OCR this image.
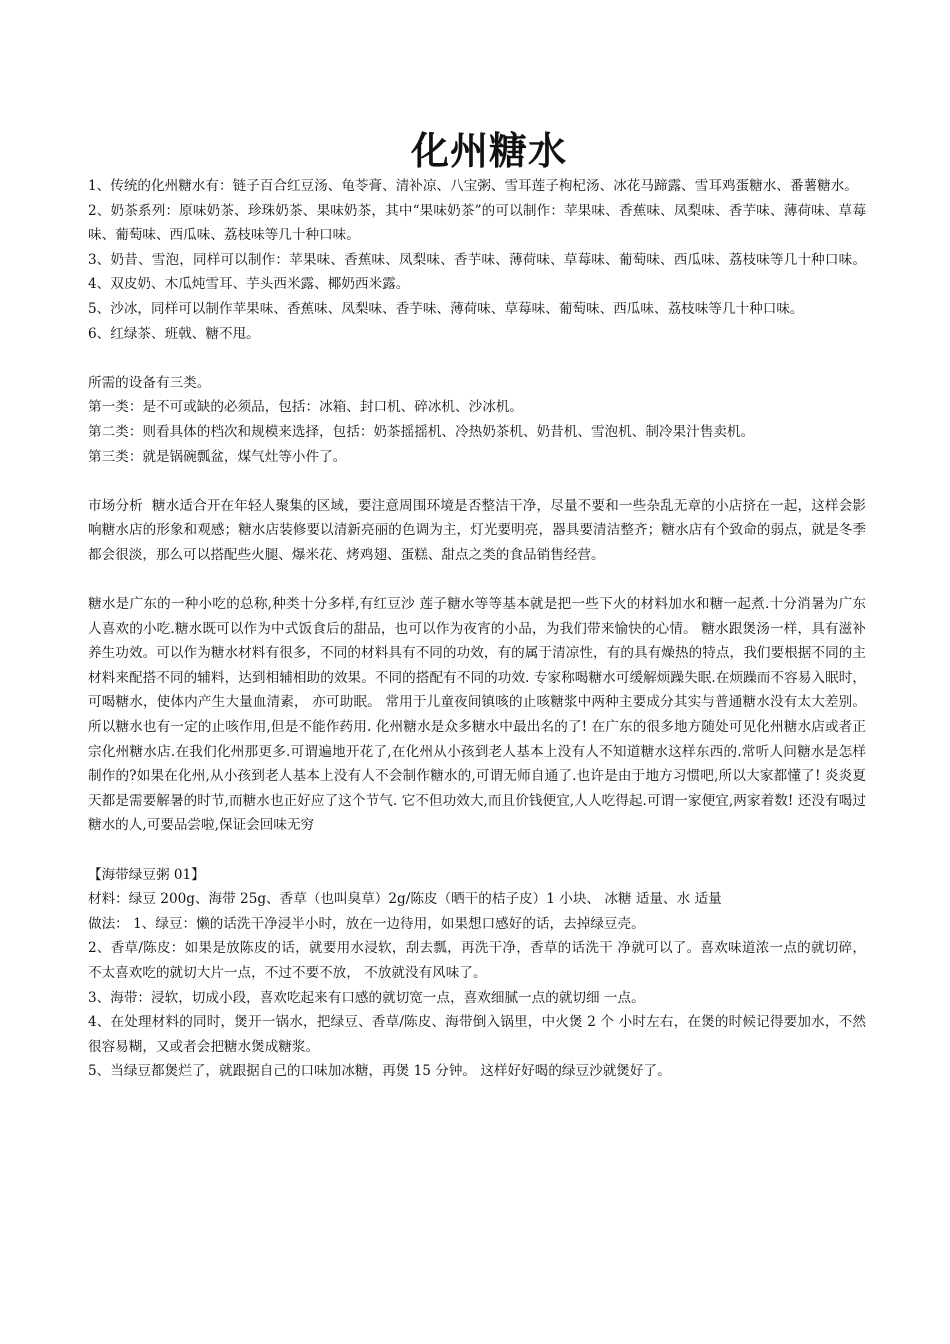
化州糖水

1、传统的化州糖水有：链子百合红豆汤、龟苓膏、清补凉、八宝粥、雪耳莲子枸杞汤、冰花马蹄露、雪耳鸡蛋糖水、番薯糖水。

2、奶茶系列：原味奶茶、珍珠奶茶、果味奶茶，其中“果味奶茶”的可以制作：苹果味、香蕉味、凤梨味、香芋味、薄荷味、草莓味、葡萄味、西瓜味、荔枝味等几十种口味。

3、奶昔、雪泡，同样可以制作：苹果味、香蕉味、凤梨味、香芋味、薄荷味、草莓味、葡萄味、西瓜味、荔枝味等几十种口味。  4、双皮奶、木瓜炖雪耳、芋头西米露、椰奶西米露。

5、沙冰，同样可以制作苹果味、香蕉味、凤梨味、香芋味、薄荷味、草莓味、葡萄味、西瓜味、荔枝味等几十种口味。

6、红绿茶、班戟、糖不甩。

所需的设备有三类。

第一类：是不可或缺的必须品，包括：冰箱、封口机、碎冰机、沙冰机。

第二类：则看具体的档次和规模来选择，包括：奶茶摇摇机、冷热奶茶机、奶昔机、雪泡机、制冷果汁售卖机。

第三类：就是锅碗瓢盆，煤气灶等小件了。

市场分析  糖水适合开在年轻人聚集的区域，要注意周围环境是否整洁干净，尽量不要和一些杂乱无章的小店挤在一起，这样会影响糖水店的形象和观感；糖水店装修要以清新亮丽的色调为主，灯光要明亮，器具要清洁整齐；糖水店有个致命的弱点，就是冬季都会很淡，那么可以搭配些火腿、爆米花、烤鸡翅、蛋糕、甜点之类的食品销售经营。

糖水是广东的一种小吃的总称,种类十分多样,有红豆沙 莲子糖水等等基本就是把一些下火的材料加水和糖一起煮.十分消暑为广东人喜欢的小吃.糖水既可以作为中式饭食后的甜品，也可以作为夜宵的小品，为我们带来愉快的心情。 糖水跟煲汤一样，具有滋补养生功效。可以作为糖水材料有很多，不同的材料具有不同的功效，有的属于清凉性，有的具有燥热的特点，我们要根据不同的主材料来配搭不同的辅料，达到相辅相助的效果。不同的搭配有不同的功效. 专家称喝糖水可缓解烦躁失眠.在烦躁而不容易入眠时，可喝糖水，使体内产生大量血清素， 亦可助眠。 常用于儿童夜间镇咳的止咳糖浆中两种主要成分其实与普通糖水没有太大差别。所以糖水也有一定的止咳作用,但是不能作药用. 化州糖水是众多糖水中最出名的了! 在广东的很多地方随处可见化州糖水店或者正宗化州糖水店.在我们化州那更多.可谓遍地开花了,在化州从小孩到老人基本上没有人不知道糖水这样东西的.常听人问糖水是怎样制作的?如果在化州,从小孩到老人基本上没有人不会制作糖水的,可谓无师自通了.也许是由于地方习惯吧,所以大家都懂了! 炎炎夏天都是需要解暑的时节,而糖水也正好应了这个节气. 它不但功效大,而且价钱便宜,人人吃得起.可谓一家便宜,两家着数! 还没有喝过糖水的人,可要品尝啦,保证会回味无穷

【海带绿豆粥 01】

材料：绿豆 200g、海带 25g、香草（也叫臭草）2g/陈皮（晒干的桔子皮）1 小块、 冰糖 适量、水 适量

做法： 1、绿豆：懒的话洗干净浸半小时，放在一边待用，如果想口感好的话，去掉绿豆壳。

2、香草/陈皮：如果是放陈皮的话，就要用水浸软，刮去瓢，再洗干净，香草的话洗干 净就可以了。喜欢味道浓一点的就切碎，不太喜欢吃的就切大片一点，不过不要不放， 不放就没有风味了。

3、海带：浸软，切成小段，喜欢吃起来有口感的就切宽一点，喜欢细腻一点的就切细 一点。

4、在处理材料的同时，煲开一锅水，把绿豆、香草/陈皮、海带倒入锅里，中火煲 2 个 小时左右，在煲的时候记得要加水，不然很容易糊，又或者会把糖水煲成糖浆。

5、当绿豆都煲烂了，就跟据自己的口味加冰糖，再煲 15 分钟。 这样好好喝的绿豆沙就煲好了。
